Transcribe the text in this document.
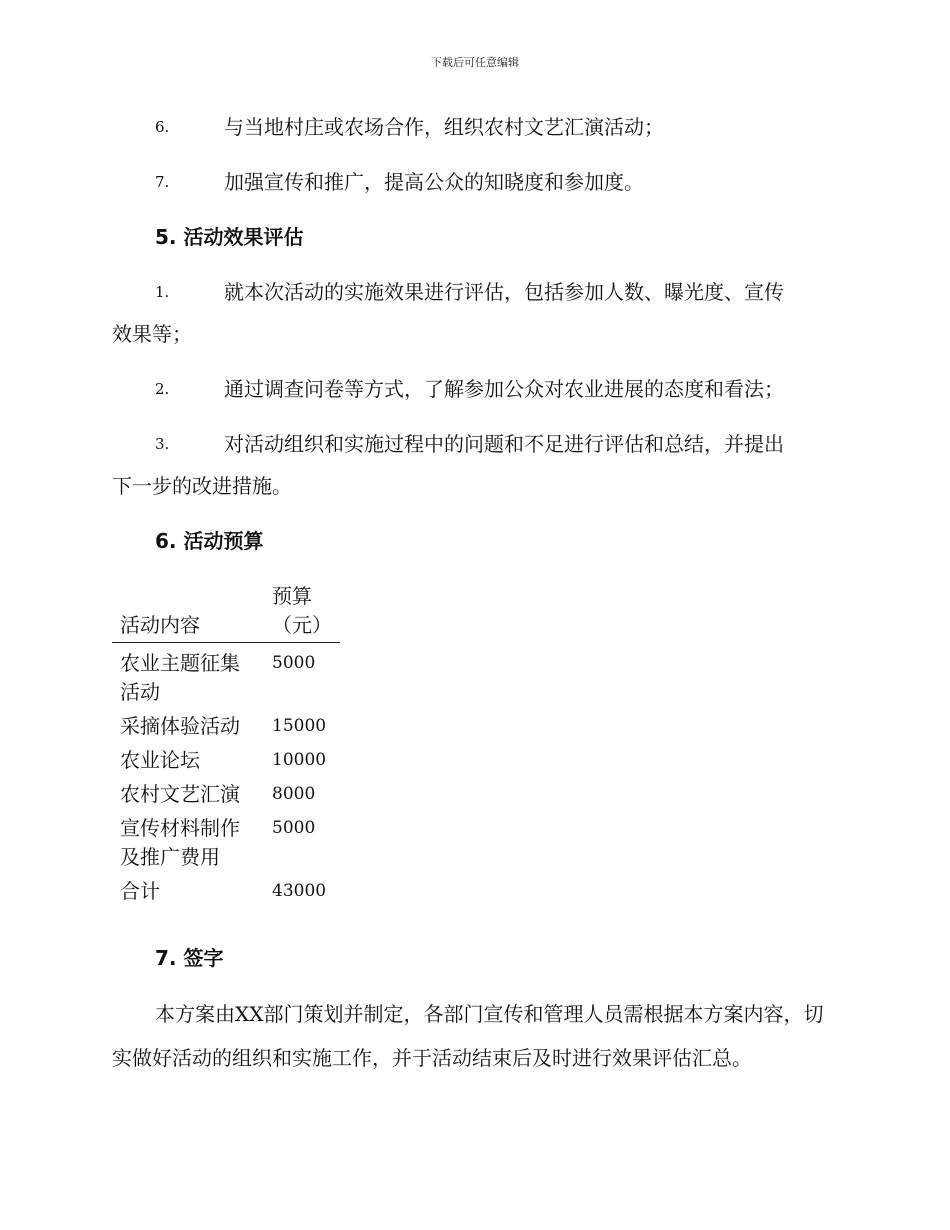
下载后可任意编辑
6.	与当地村庄或农场合作，组织农村文艺汇演活动；
7.	加强宣传和推广，提高公众的知晓度和参加度。
5. 活动效果评估
1.	就本次活动的实施效果进行评估，包括参加人数、曝光度、宣传
效果等；
2.	通过调查问卷等方式，了解参加公众对农业进展的态度和看法；
3.	对活动组织和实施过程中的问题和不足进行评估和总结，并提出
下一步的改进措施。
6. 活动预算
活动内容	预算（元）
农业主题征集活动	5000
采摘体验活动	15000
农业论坛	10000
农村文艺汇演	8000
宣传材料制作及推广费用	5000
合计	43000
7. 签字
本方案由XX部门策划并制定，各部门宣传和管理人员需根据本方案内容，切实做好活动的组织和实施工作，并于活动结束后及时进行效果评估汇总。
